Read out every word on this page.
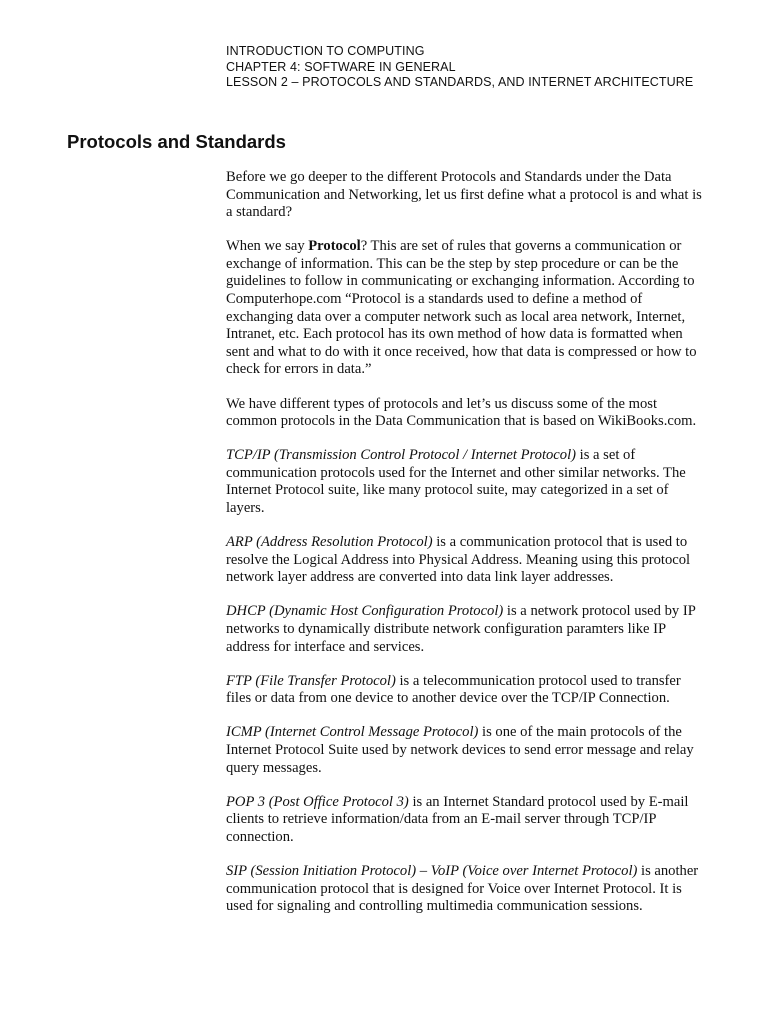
INTRODUCTION TO COMPUTING
CHAPTER 4: SOFTWARE IN GENERAL
LESSON 2 – PROTOCOLS AND STANDARDS, AND INTERNET ARCHITECTURE
Protocols and Standards

Before we go deeper to the different Protocols and Standards under the Data Communication and Networking, let us first define what a protocol is and what is a standard?

When we say Protocol? This are set of rules that governs a communication or exchange of information. This can be the step by step procedure or can be the guidelines to follow in communicating or exchanging information. According to Computerhope.com “Protocol is a standards used to define a method of exchanging data over a computer network such as local area network, Internet, Intranet, etc. Each protocol has its own method of how data is formatted when sent and what to do with it once received, how that data is compressed or how to check for errors in data.”

We have different types of protocols and let’s us discuss some of the most common protocols in the Data Communication that is based on WikiBooks.com.

TCP/IP (Transmission Control Protocol / Internet Protocol) is a set of communication protocols used for the Internet and other similar networks. The Internet Protocol suite, like many protocol suite, may categorized in a set of layers.

ARP (Address Resolution Protocol) is a communication protocol that is used to resolve the Logical Address into Physical Address. Meaning using this protocol network layer address are converted into data link layer addresses.

DHCP (Dynamic Host Configuration Protocol) is a network protocol used by IP networks to dynamically distribute network configuration paramters like IP address for interface and services.

FTP (File Transfer Protocol) is a telecommunication protocol used to transfer files or data from one device to another device over the TCP/IP Connection.

ICMP (Internet Control Message Protocol) is one of the main protocols of the Internet Protocol Suite used by network devices to send error message and relay query messages.

POP 3 (Post Office Protocol 3) is an Internet Standard protocol used by E-mail clients to retrieve information/data from an E-mail server through TCP/IP connection.

SIP (Session Initiation Protocol) – VoIP (Voice over Internet Protocol) is another communication protocol that is designed for Voice over Internet Protocol. It is used for signaling and controlling multimedia communication sessions.
